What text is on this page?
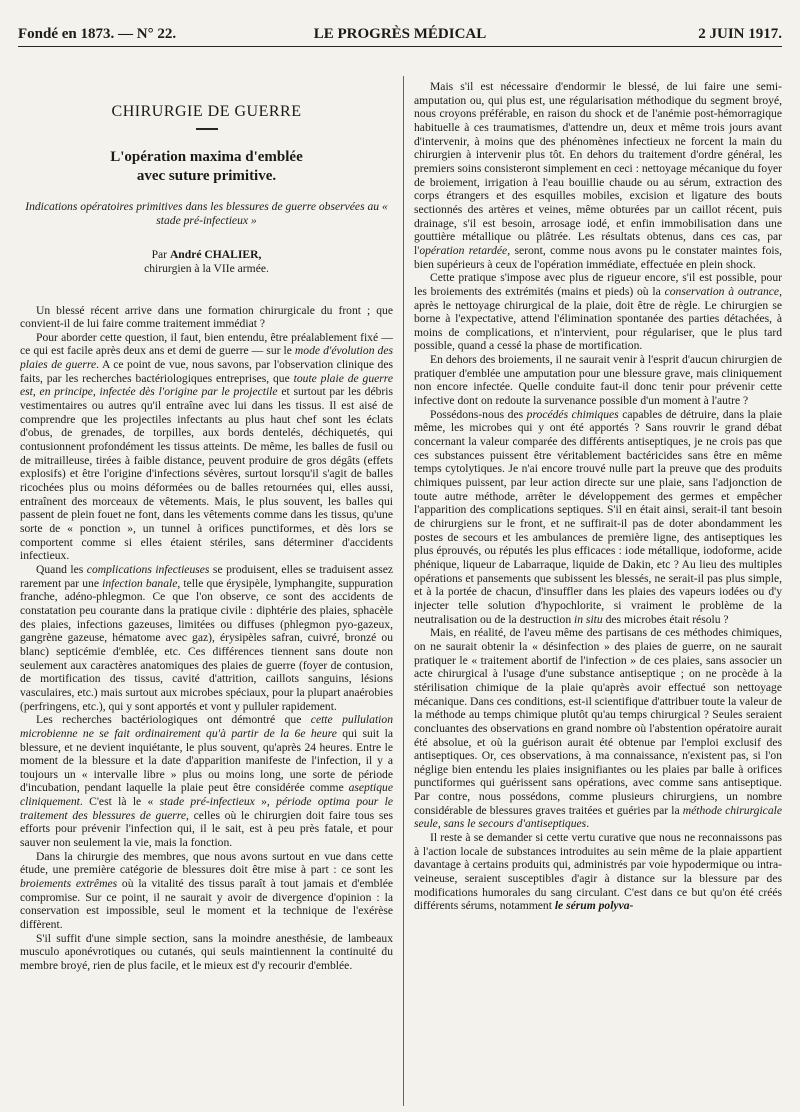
Fondé en 1873. — N° 22.	LE PROGRÈS MÉDICAL	2 JUIN 1917.
CHIRURGIE DE GUERRE
L'opération maxima d'emblée
avec suture primitive.
Indications opératoires primitives dans les blessures de guerre observées au « stade pré-infectieux »
Par André CHALIER,
chirurgien à la VIIe armée.

Un blessé récent arrive dans une formation chirurgicale du front ; que convient-il de lui faire comme traitement immédiat ?

Pour aborder cette question, il faut, bien entendu, être préalablement fixé — ce qui est facile après deux ans et demi de guerre — sur le mode d'évolution des plaies de guerre. A ce point de vue, nous savons, par l'observation clinique des faits, par les recherches bactériologiques entreprises, que toute plaie de guerre est, en principe, infectée dès l'origine par le projectile et surtout par les débris vestimentaires ou autres qu'il entraîne avec lui dans les tissus. Il est aisé de comprendre que les projectiles infectants au plus haut chef sont les éclats d'obus, de grenades, de torpilles, aux bords dentelés, déchiquetés, qui contusionnent profondément les tissus atteints. De même, les balles de fusil ou de mitrailleuse, tirées à faible distance, peuvent produire de gros dégâts (effets explosifs) et être l'origine d'infections sévères, surtout lorsqu'il s'agit de balles ricochées plus ou moins déformées ou de balles retournées qui, elles aussi, entraînent des morceaux de vêtements. Mais, le plus souvent, les balles qui passent de plein fouet ne font, dans les vêtements comme dans les tissus, qu'une sorte de « ponction », un tunnel à orifices punctiformes, et dès lors se comportent comme si elles étaient stériles, sans déterminer d'accidents infectieux.

Quand les complications infectieuses se produisent, elles se traduisent assez rarement par une infection banale, telle que érysipèle, lymphangite, suppuration franche, adéno-phlegmon. Ce que l'on observe, ce sont des accidents de constatation peu courante dans la pratique civile : diphtérie des plaies, sphacèle des plaies, infections gazeuses, limitées ou diffuses (phlegmon pyo-gazeux, gangrène gazeuse, hématome avec gaz), érysipèles safran, cuivré, bronzé ou blanc) septicémie d'emblée, etc. Ces différences tiennent sans doute non seulement aux caractères anatomiques des plaies de guerre (foyer de contusion, de mortification des tissus, cavité d'attrition, caillots sanguins, lésions vasculaires, etc.) mais surtout aux microbes spéciaux, pour la plupart anaérobies (perfringens, etc.), qui y sont apportés et vont y pulluler rapidement.

Les recherches bactériologiques ont démontré que cette pullulation microbienne ne se fait ordinairement qu'à partir de la 6e heure qui suit la blessure, et ne devient inquiétante, le plus souvent, qu'après 24 heures. Entre le moment de la blessure et la date d'apparition manifeste de l'infection, il y a toujours un « intervalle libre » plus ou moins long, une sorte de période d'incubation, pendant laquelle la plaie peut être considérée comme aseptique cliniquement. C'est là le « stade pré-infectieux », période optima pour le traitement des blessures de guerre, celles où le chirurgien doit faire tous ses efforts pour prévenir l'infection qui, il le sait, est à peu près fatale, et pour sauver non seulement la vie, mais la fonction.

Dans la chirurgie des membres, que nous avons surtout en vue dans cette étude, une première catégorie de blessures doit être mise à part : ce sont les broiements extrêmes où la vitalité des tissus paraît à tout jamais et d'emblée compromise. Sur ce point, il ne saurait y avoir de divergence d'opinion : la conservation est impossible, seul le moment et la technique de l'exérèse diffèrent.

S'il suffit d'une simple section, sans la moindre anesthésie, de lambeaux musculo aponévrotiques ou cutanés, qui seuls maintiennent la continuité du membre broyé, rien de plus facile, et le mieux est d'y recourir d'emblée.

Mais s'il est nécessaire d'endormir le blessé, de lui faire une semi-amputation ou, qui plus est, une régularisation méthodique du segment broyé, nous croyons préférable, en raison du shock et de l'anémie post-hémorragique habituelle à ces traumatismes, d'attendre un, deux et même trois jours avant d'intervenir, à moins que des phénomènes infectieux ne forcent la main du chirurgien à intervenir plus tôt. En dehors du traitement d'ordre général, les premiers soins consisteront simplement en ceci : nettoyage mécanique du foyer de broiement, irrigation à l'eau bouillie chaude ou au sérum, extraction des corps étrangers et des esquilles mobiles, excision et ligature des bouts sectionnés des artères et veines, même obturées par un caillot récent, puis drainage, s'il est besoin, arrosage iodé, et enfin immobilisation dans une gouttière métallique ou plâtrée. Les résultats obtenus, dans ces cas, par l'opération retardée, seront, comme nous avons pu le constater maintes fois, bien supérieurs à ceux de l'opération immédiate, effectuée en plein shock.

Cette pratique s'impose avec plus de rigueur encore, s'il est possible, pour les broiements des extrémités (mains et pieds) où la conservation à outrance, après le nettoyage chirurgical de la plaie, doit être de règle. Le chirurgien se borne à l'expectative, attend l'élimination spontanée des parties détachées, à moins de complications, et n'intervient, pour régulariser, que le plus tard possible, quand a cessé la phase de mortification.

En dehors des broiements, il ne saurait venir à l'esprit d'aucun chirurgien de pratiquer d'emblée une amputation pour une blessure grave, mais cliniquement non encore infectée. Quelle conduite faut-il donc tenir pour prévenir cette infective dont on redoute la survenance possible d'un moment à l'autre ?

Possédons-nous des procédés chimiques capables de détruire, dans la plaie même, les microbes qui y ont été apportés ? Sans rouvrir le grand débat concernant la valeur comparée des différents antiseptiques, je ne crois pas que ces substances puissent être véritablement bactéricides sans être en même temps cytolytiques. Je n'ai encore trouvé nulle part la preuve que des produits chimiques puissent, par leur action directe sur une plaie, sans l'adjonction de toute autre méthode, arrêter le développement des germes et empêcher l'apparition des complications septiques. S'il en était ainsi, serait-il tant besoin de chirurgiens sur le front, et ne suffirait-il pas de doter abondamment les postes de secours et les ambulances de première ligne, des antiseptiques les plus éprouvés, ou réputés les plus efficaces : iode métallique, iodoforme, acide phénique, liqueur de Labarraque, liquide de Dakin, etc ? Au lieu des multiples opérations et pansements que subissent les blessés, ne serait-il pas plus simple, et à la portée de chacun, d'insuffler dans les plaies des vapeurs iodées ou d'y injecter telle solution d'hypochlorite, si vraiment le problème de la neutralisation ou de la destruction in situ des microbes était résolu ?

Mais, en réalité, de l'aveu même des partisans de ces méthodes chimiques, on ne saurait obtenir la « désinfection » des plaies de guerre, on ne saurait pratiquer le « traitement abortif de l'infection » de ces plaies, sans associer un acte chirurgical à l'usage d'une substance antiseptique ; on ne procède à la stérilisation chimique de la plaie qu'après avoir effectué son nettoyage mécanique. Dans ces conditions, est-il scientifique d'attribuer toute la valeur de la méthode au temps chimique plutôt qu'au temps chirurgical ? Seules seraient concluantes des observations en grand nombre où l'abstention opératoire aurait été absolue, et où la guérison aurait été obtenue par l'emploi exclusif des antiseptiques. Or, ces observations, à ma connaissance, n'existent pas, si l'on néglige bien entendu les plaies insignifiantes ou les plaies par balle à orifices punctiformes qui guérissent sans opérations, avec comme sans antiseptique. Par contre, nous possédons, comme plusieurs chirurgiens, un nombre considérable de blessures graves traitées et guéries par la méthode chirurgicale seule, sans le secours d'antiseptiques.

Il reste à se demander si cette vertu curative que nous ne reconnaissons pas à l'action locale de substances introduites au sein même de la plaie appartient davantage à certains produits qui, administrés par voie hypodermique ou intra-veineuse, seraient susceptibles d'agir à distance sur la blessure par des modifications humorales du sang circulant. C'est dans ce but qu'on été créés différents sérums, notamment le sérum polyva-
